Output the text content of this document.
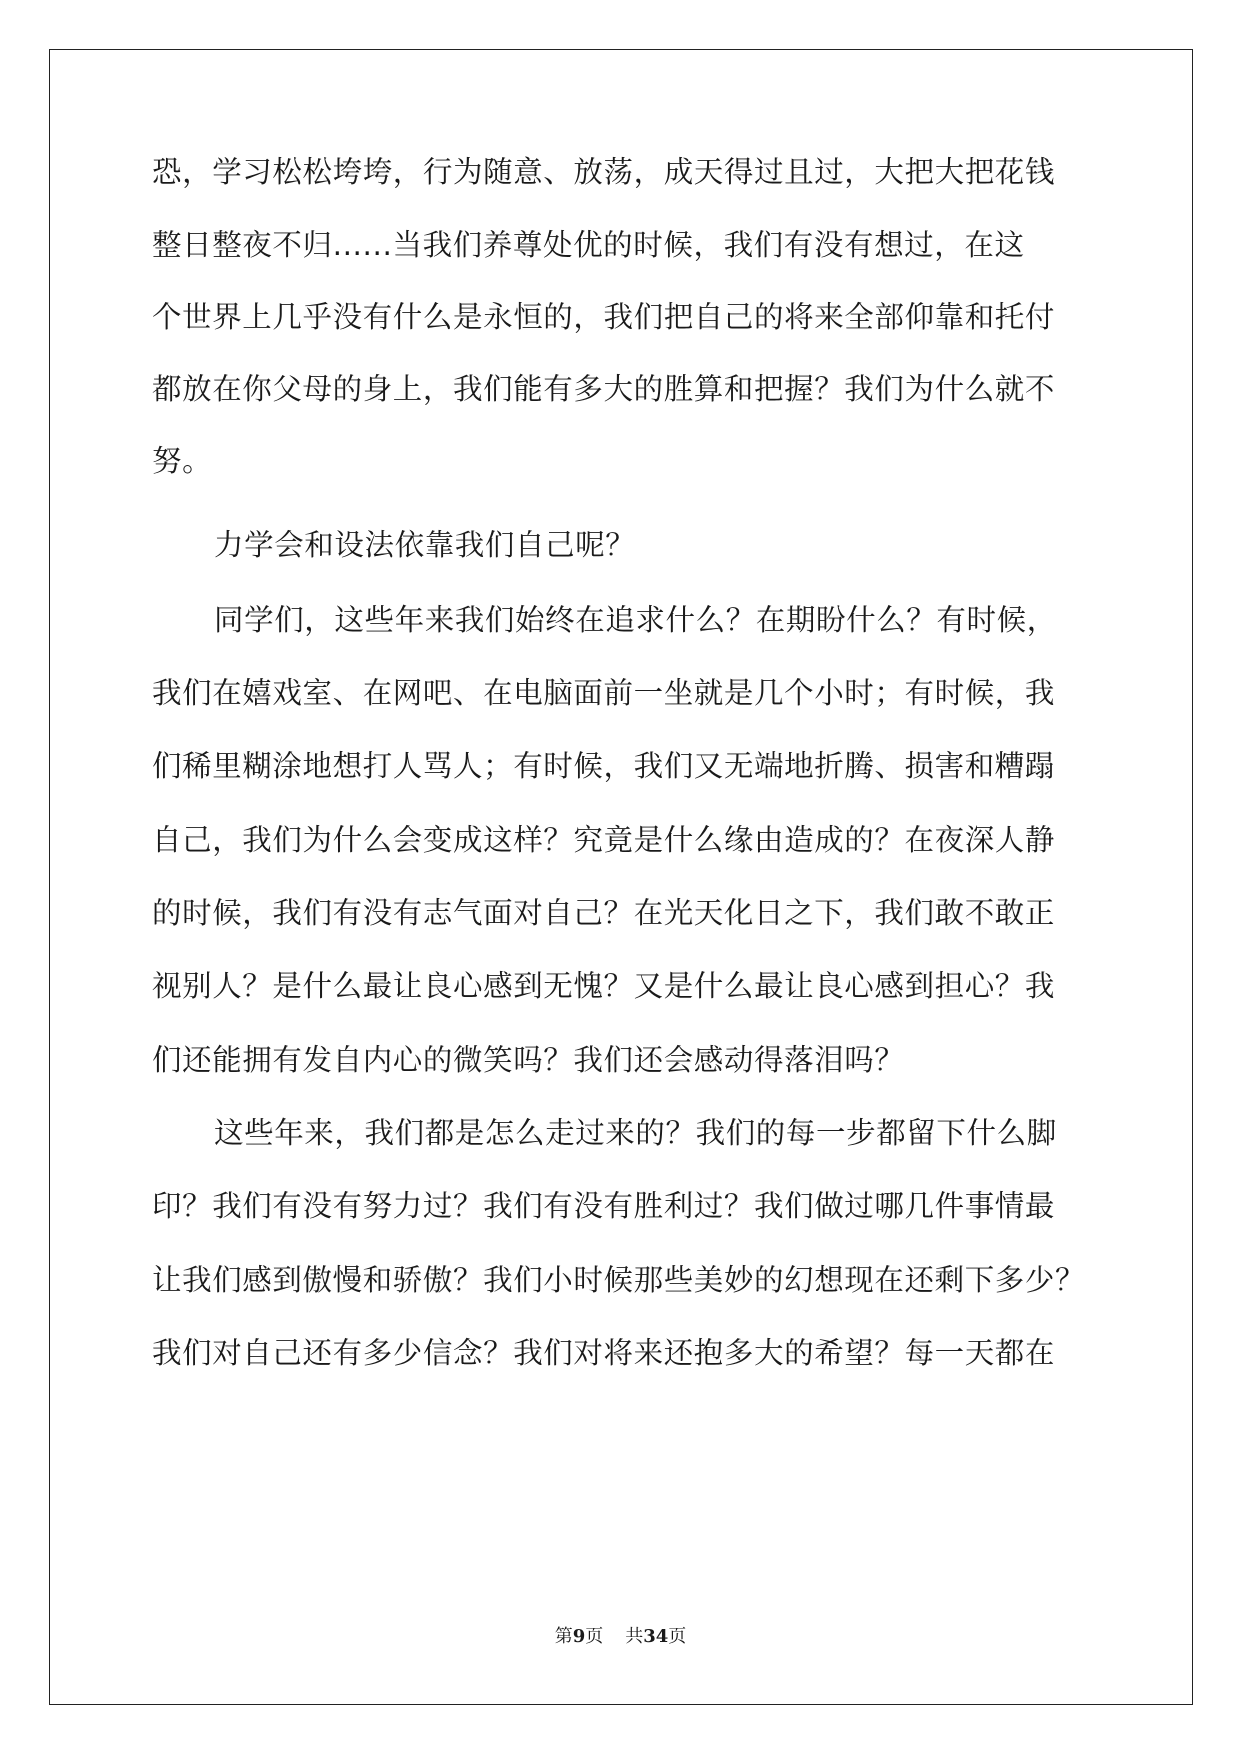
恐，学习松松垮垮，行为随意、放荡，成天得过且过，大把大把花钱

整日整夜不归......当我们养尊处优的时候，我们有没有想过，在这

个世界上几乎没有什么是永恒的，我们把自己的将来全部仰靠和托付

都放在你父母的身上，我们能有多大的胜算和把握？我们为什么就不

努。

力学会和设法依靠我们自己呢？

同学们，这些年来我们始终在追求什么？在期盼什么？有时候，

我们在嬉戏室、在网吧、在电脑面前一坐就是几个小时；有时候，我

们稀里糊涂地想打人骂人；有时候，我们又无端地折腾、损害和糟蹋

自己，我们为什么会变成这样？究竟是什么缘由造成的？在夜深人静

的时候，我们有没有志气面对自己？在光天化日之下，我们敢不敢正

视别人？是什么最让良心感到无愧？又是什么最让良心感到担心？我

们还能拥有发自内心的微笑吗？我们还会感动得落泪吗？

这些年来，我们都是怎么走过来的？我们的每一步都留下什么脚

印？我们有没有努力过？我们有没有胜利过？我们做过哪几件事情最

让我们感到傲慢和骄傲？我们小时候那些美妙的幻想现在还剩下多少？

我们对自己还有多少信念？我们对将来还抱多大的希望？每一天都在

第9页 共34页
